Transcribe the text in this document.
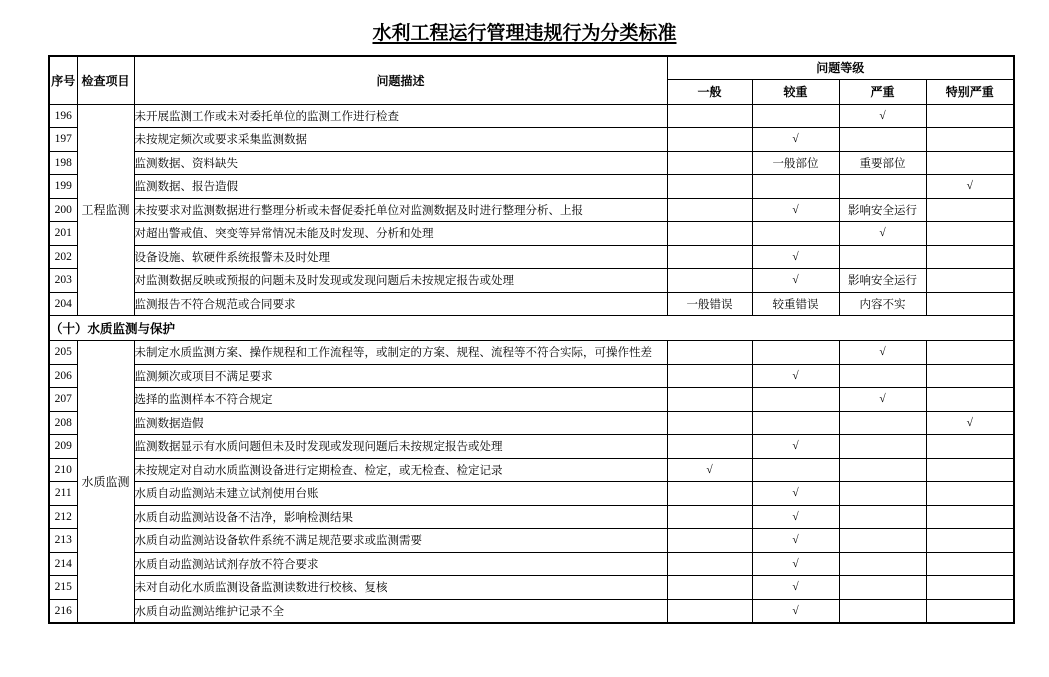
水利工程运行管理违规行为分类标准
序号	检查项目	问题描述	问题等级			
			一般	较重	严重	特别严重
196	工程监测	未开展监测工作或未对委托单位的监测工作进行检查			√	
197		未按规定频次或要求采集监测数据		√		
198		监测数据、资料缺失		一般部位	重要部位	
199		监测数据、报告造假				√
200		未按要求对监测数据进行整理分析或未督促委托单位对监测数据及时进行整理分析、上报		√	影响安全运行	
201		对超出警戒值、突变等异常情况未能及时发现、分析和处理			√	
202		设备设施、软硬件系统报警未及时处理		√		
203		对监测数据反映或预报的问题未及时发现或发现问题后未按规定报告或处理		√	影响安全运行	
204		监测报告不符合规范或合同要求	一般错误	较重错误	内容不实	
（十）水质监测与保护						
205	水质监测	未制定水质监测方案、操作规程和工作流程等，或制定的方案、规程、流程等不符合实际，可操作性差			√	
206		监测频次或项目不满足要求		√		
207		选择的监测样本不符合规定			√	
208		监测数据造假				√
209		监测数据显示有水质问题但未及时发现或发现问题后未按规定报告或处理		√		
210		未按规定对自动水质监测设备进行定期检查、检定，或无检查、检定记录	√			
211		水质自动监测站未建立试剂使用台账		√		
212		水质自动监测站设备不洁净，影响检测结果		√		
213		水质自动监测站设备软件系统不满足规范要求或监测需要		√		
214		水质自动监测站试剂存放不符合要求		√		
215		未对自动化水质监测设备监测读数进行校核、复核		√		
216		水质自动监测站维护记录不全		√		
